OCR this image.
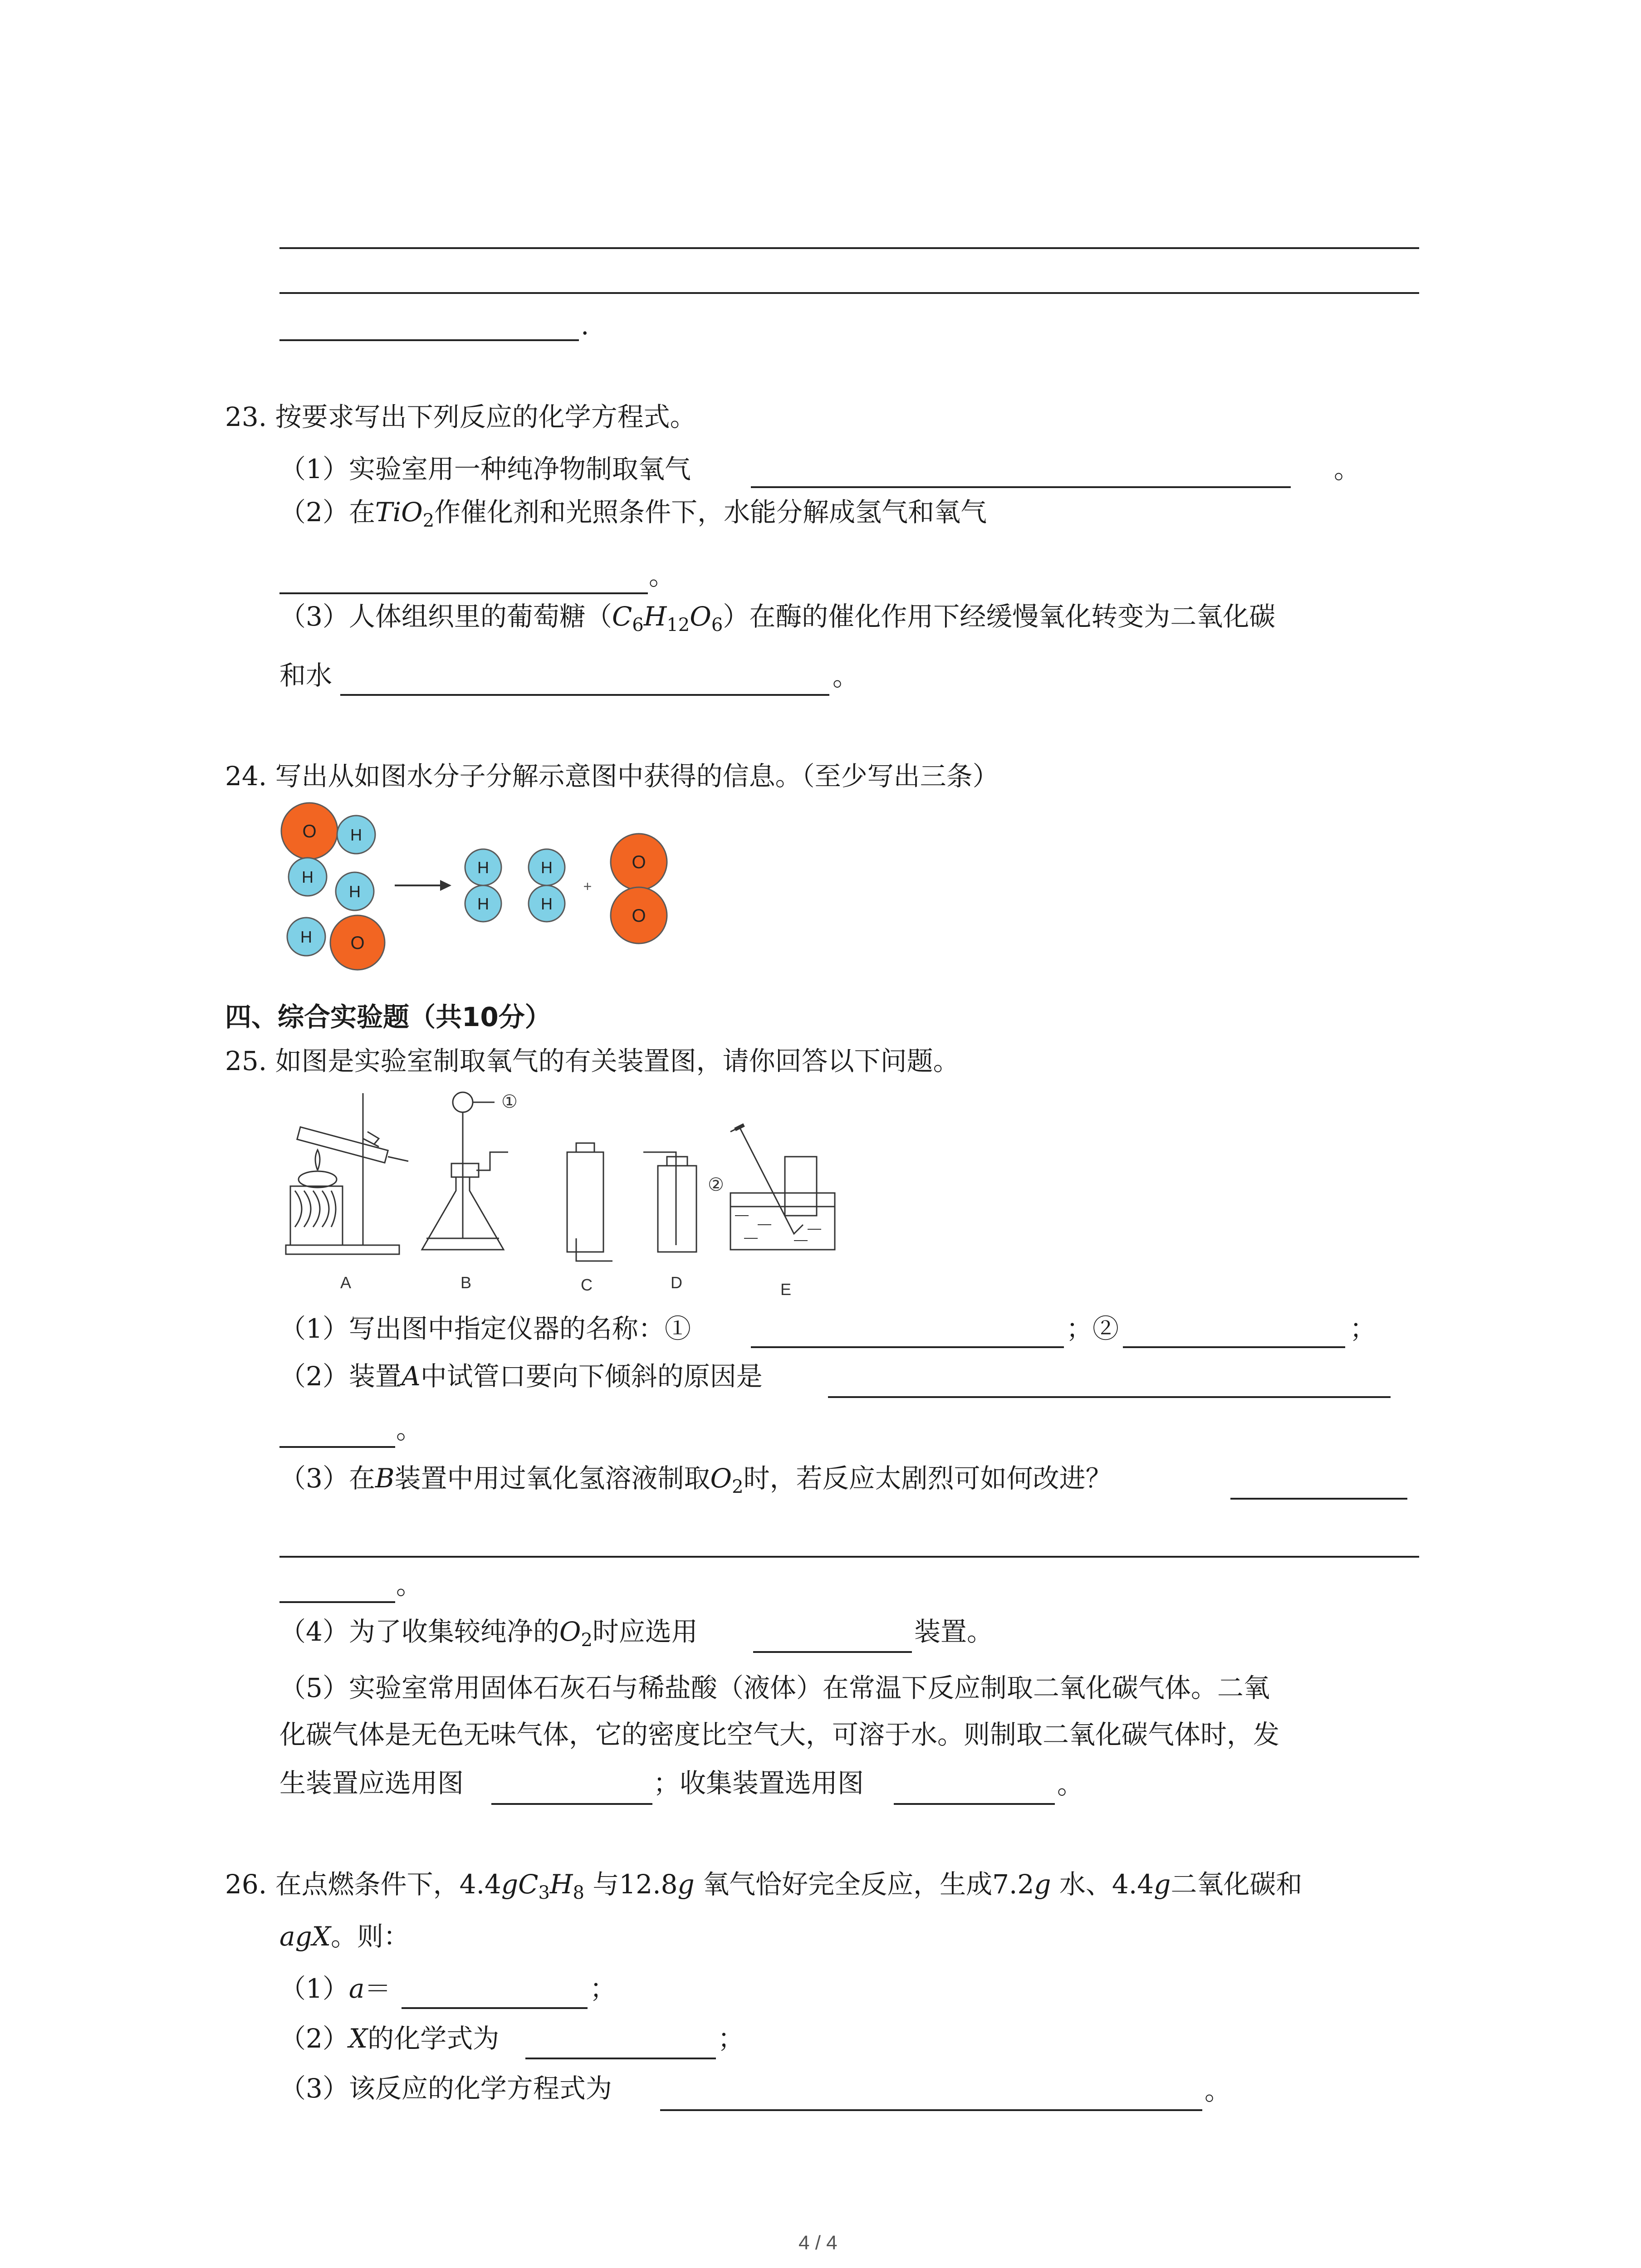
.
23. 按要求写出下列反应的化学方程式。
（1）实验室用一种纯净物制取氧气	。
（2）在TiO$_2$作催化剂和光照条件下，水能分解成氢气和氧气
。
（3）人体组织里的葡萄糖$(C_6H_{12}O_6)$在酶的催化作用下经缓慢氧化转变为二氧化碳
和水	。
24. 写出从如图水分子分解示意图中获得的信息。（至少写出三条）
O H
H
H
H O
H
H
H
H
+
O
O
四、综合实验题（共10分）
25. 如图是实验室制取氧气的有关装置图，请你回答以下问题。
A
①
B	C	D
②
E
（1）写出图中指定仪器的名称：①	；②	；
（2）装置A中试管口要向下倾斜的原因是
。
（3）在B装置中用过氧化氢溶液制取$O_2$时，若反应太剧烈可如何改进？
。
（4）为了收集较纯净的$O_2$时应选用	装置。
（5）实验室常用固体石灰石与稀盐酸（液体）在常温下反应制取二氧化碳气体。二氧
化碳气体是无色无味气体，它的密度比空气大，可溶于水。则制取二氧化碳气体时，发
生装置应选用图	；收集装置选用图	。
26. 在点燃条件下，$4.4gC_3H_8$ 与12.8g 氧气恰好完全反应，生成7.2g 水、4.4g二氧化碳和
agX。则：
（1）a＝	；
（2）X的化学式为	；
（3）该反应的化学方程式为	。
4 / 4
